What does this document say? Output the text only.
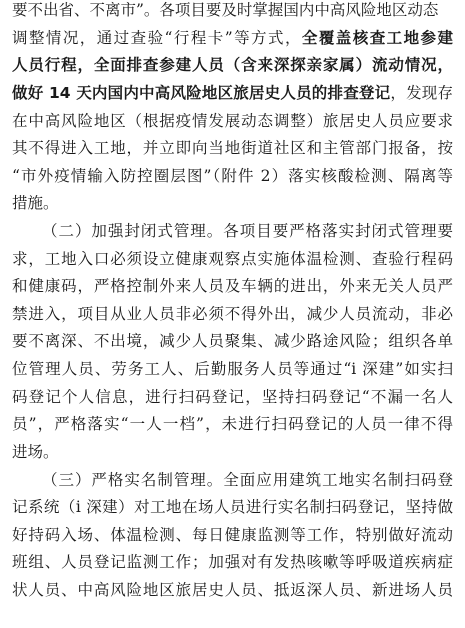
要不出省、不离市”。各项目要及时掌握国内中高风险地区动态
调整情况，通过查验“行程卡”等方式，全覆盖核查工地参建
人员行程，全面排查参建人员（含来深探亲家属）流动情况，
做好 14 天内国内中高风险地区旅居史人员的排查登记，发现存
在中高风险地区（根据疫情发展动态调整）旅居史人员应要求
其不得进入工地，并立即向当地街道社区和主管部门报备，按
“市外疫情输入防控圈层图”（附件 2）落实核酸检测、隔离等
措施。
（二）加强封闭式管理。各项目要严格落实封闭式管理要
求，工地入口必须设立健康观察点实施体温检测、查验行程码
和健康码，严格控制外来人员及车辆的进出，外来无关人员严
禁进入，项目从业人员非必须不得外出，减少人员流动，非必
要不离深、不出境，减少人员聚集、减少路途风险；组织各单
位管理人员、劳务工人、后勤服务人员等通过“i 深建”如实扫
码登记个人信息，进行扫码登记，坚持扫码登记“不漏一名人
员”，严格落实“一人一档”，未进行扫码登记的人员一律不得
进场。
（三）严格实名制管理。全面应用建筑工地实名制扫码登
记系统（i 深建）对工地在场人员进行实名制扫码登记，坚持做
好持码入场、体温检测、每日健康监测等工作，特别做好流动
班组、人员登记监测工作；加强对有发热咳嗽等呼吸道疾病症
状人员、中高风险地区旅居史人员、抵返深人员、新进场人员
